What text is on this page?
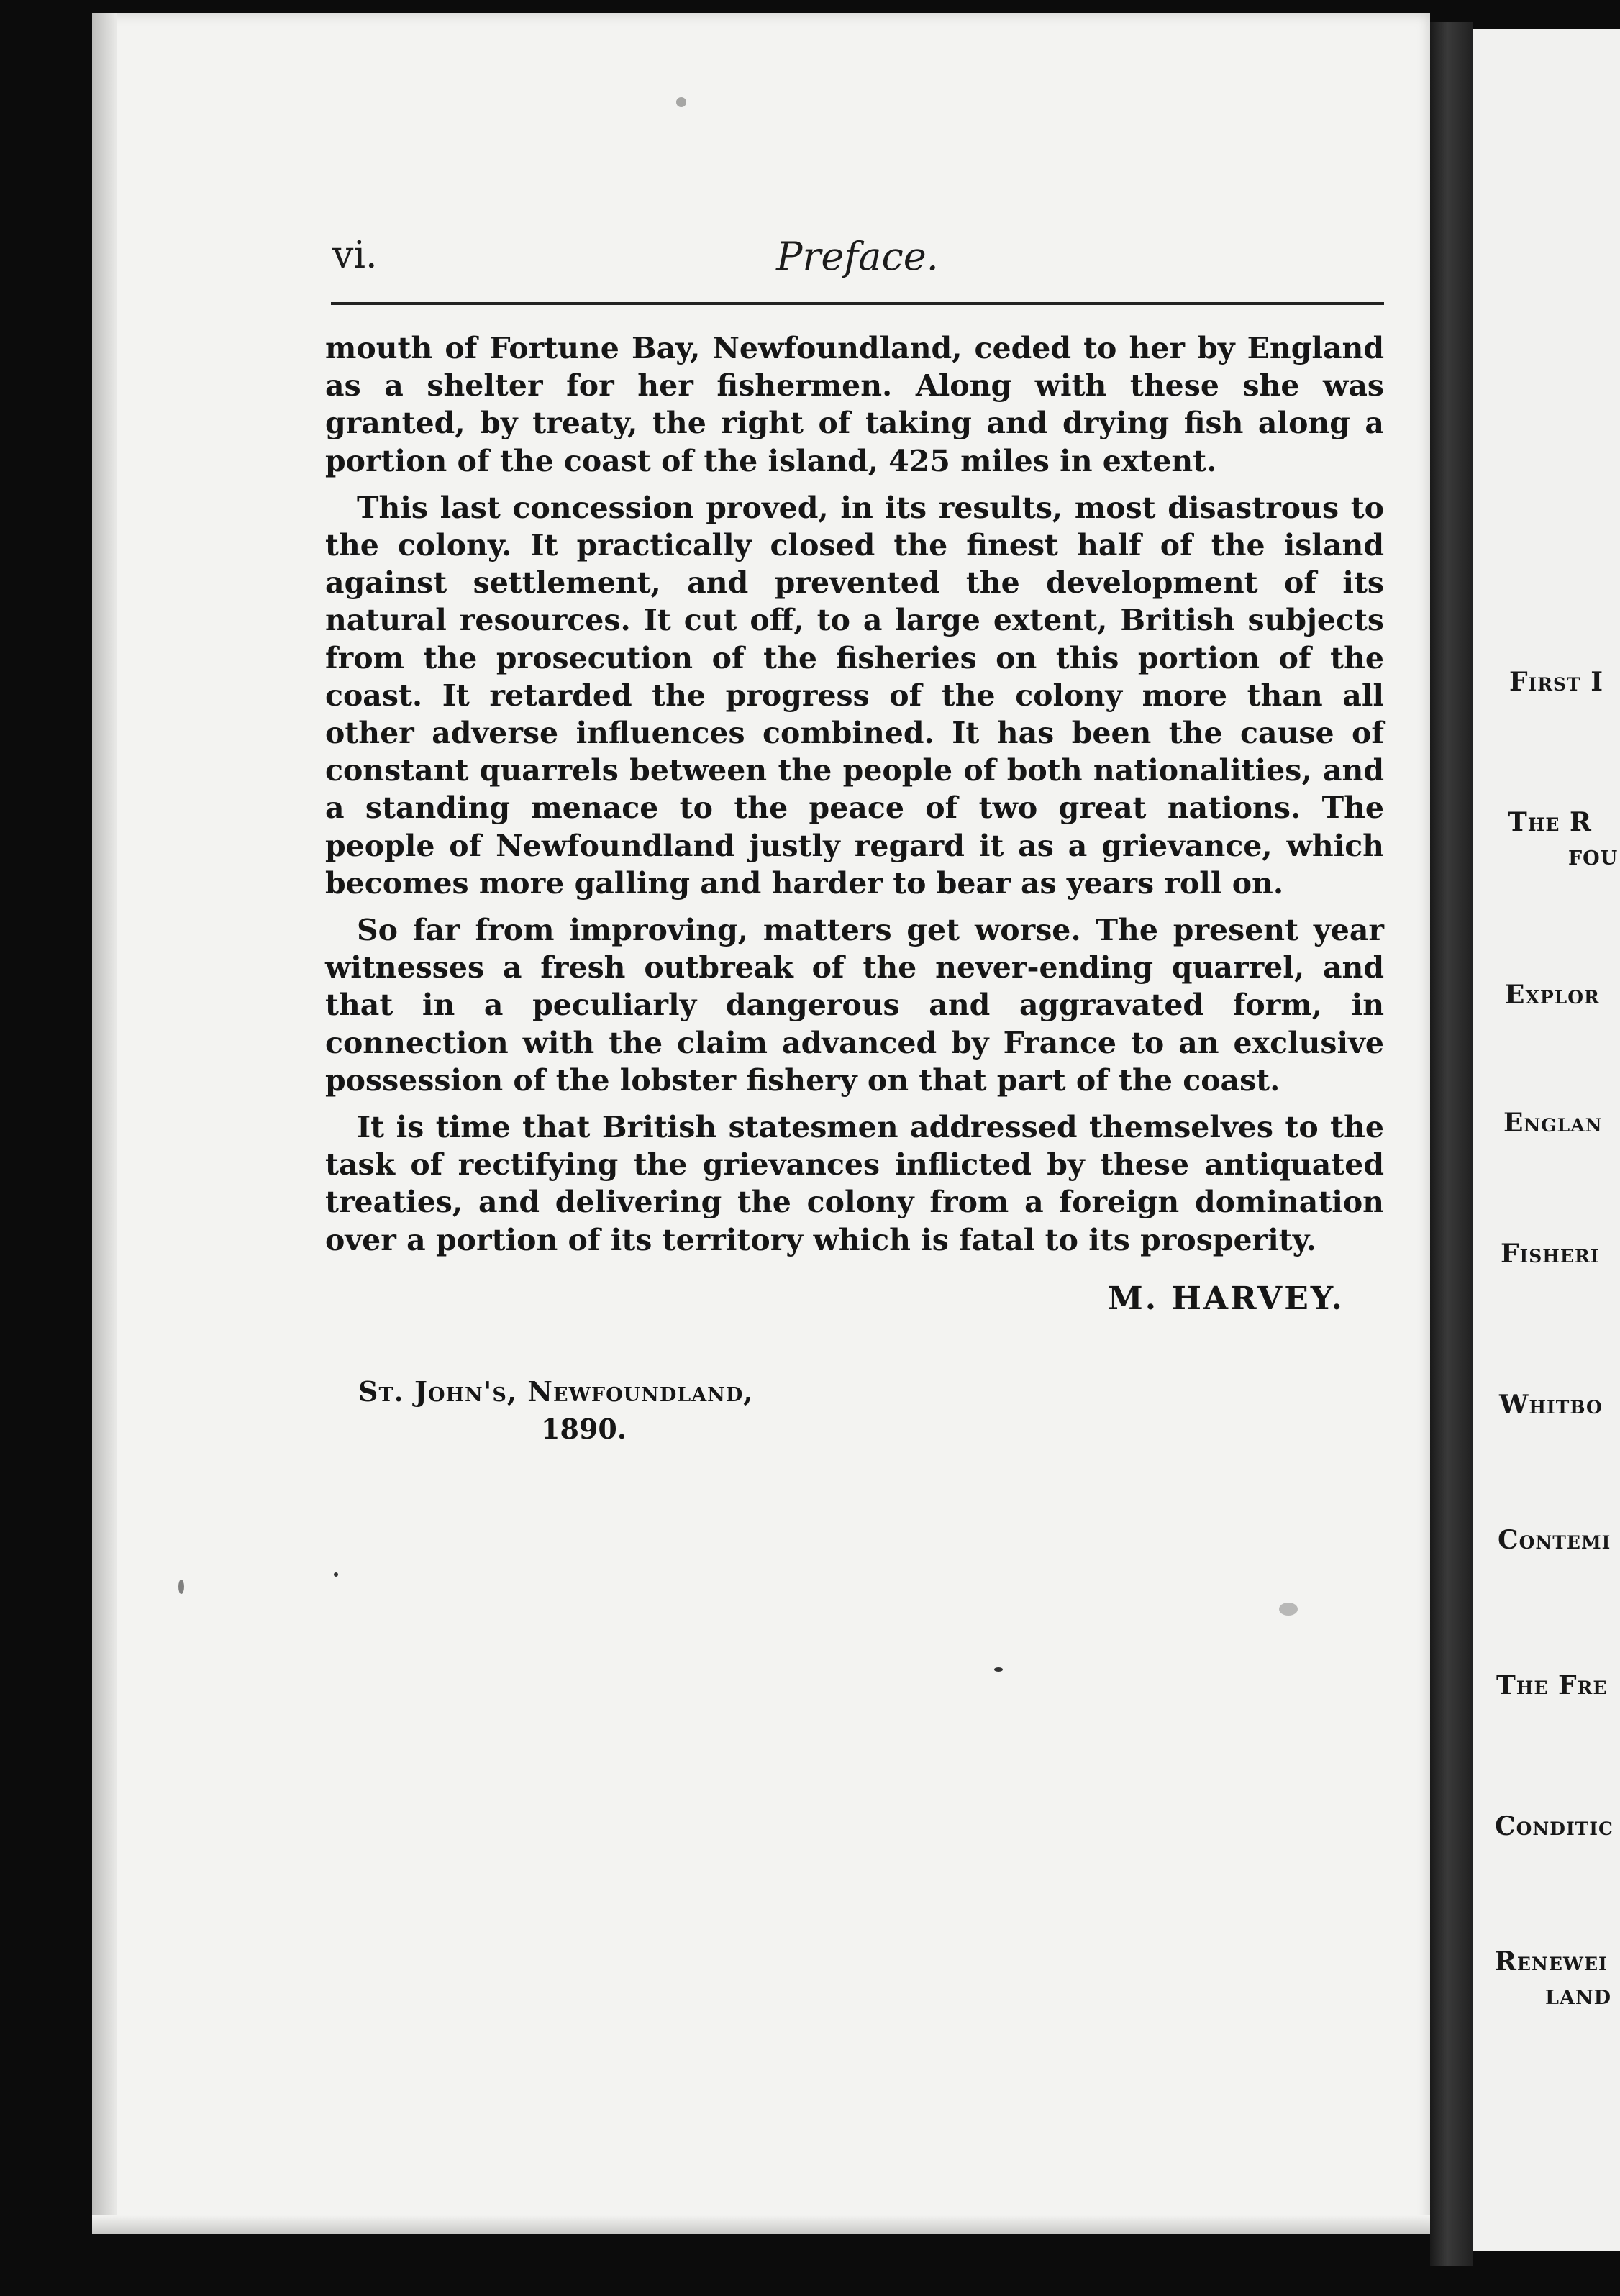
First I
The R
FOU
Explor
Englan
Fisheri
Whitbo
Contemi
The Fre
Conditic
Renewei
LAND
vi.	Preface.

mouth of Fortune Bay, Newfoundland, ceded to her by England as a shelter for her fishermen. Along with these she was granted, by treaty, the right of taking and drying fish along a portion of the coast of the island, 425 miles in extent.

This last concession proved, in its results, most disastrous to the colony. It practically closed the finest half of the island against settlement, and prevented the development of its natural resources. It cut off, to a large extent, British subjects from the prosecution of the fisheries on this portion of the coast. It retarded the progress of the colony more than all other adverse influences combined. It has been the cause of constant quarrels between the people of both nationalities, and a standing menace to the peace of two great nations. The people of Newfoundland justly regard it as a grievance, which becomes more galling and harder to bear as years roll on.

So far from improving, matters get worse. The present year witnesses a fresh outbreak of the never-ending quarrel, and that in a peculiarly dangerous and aggravated form, in connection with the claim advanced by France to an exclusive possession of the lobster fishery on that part of the coast.

It is time that British statesmen addressed themselves to the task of rectifying the grievances inflicted by these antiquated treaties, and delivering the colony from a foreign domination over a portion of its territory which is fatal to its prosperity.

M. HARVEY.
St. John's, Newfoundland,
1890.
